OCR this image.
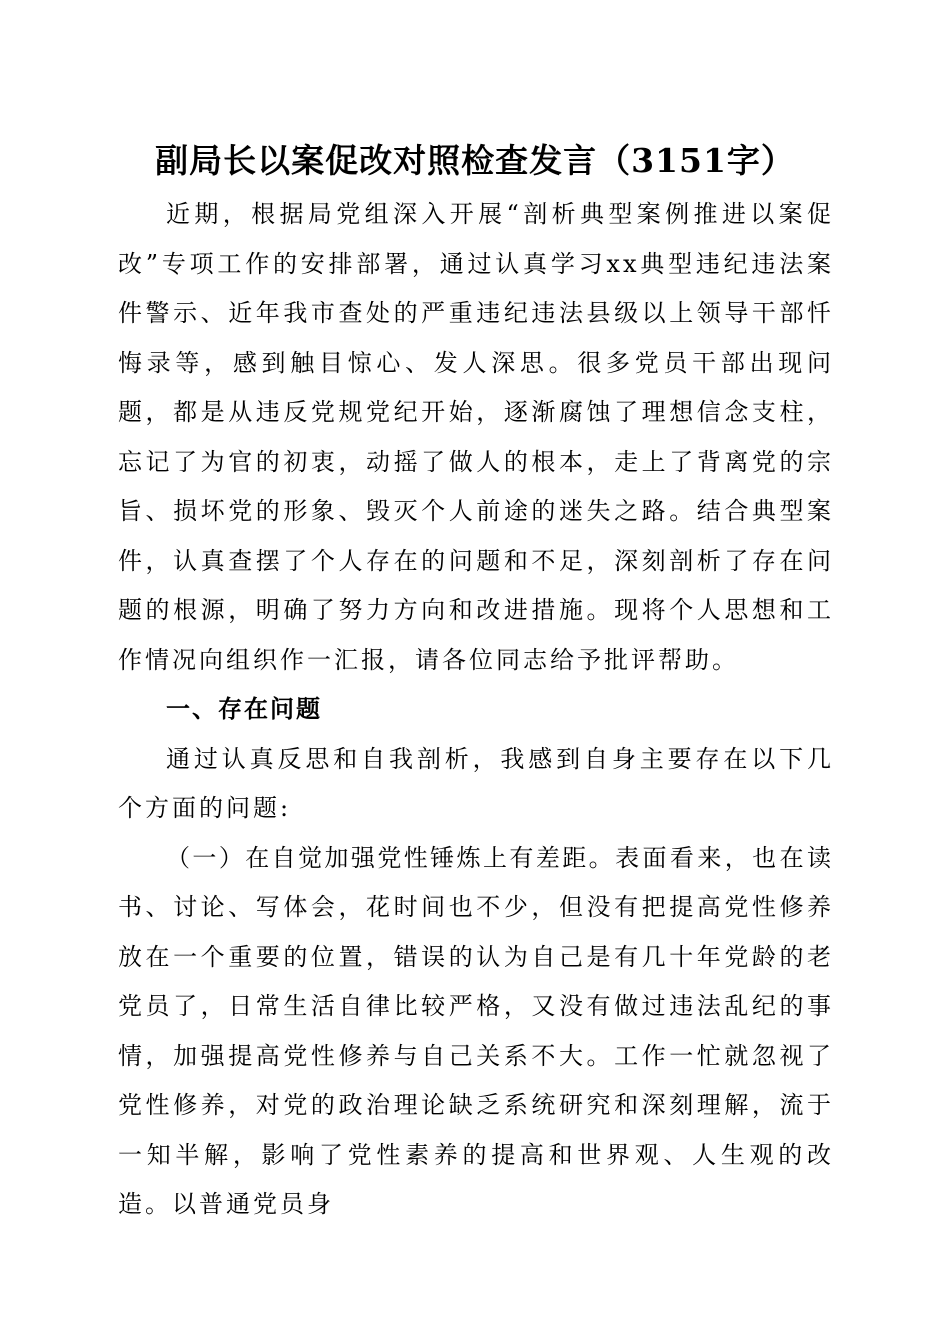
副局长以案促改对照检查发言（3151字）

近期，根据局党组深入开展“剖析典型案例推进以案促改”专项工作的安排部署，通过认真学习xx典型违纪违法案件警示、近年我市查处的严重违纪违法县级以上领导干部忏悔录等，感到触目惊心、发人深思。很多党员干部出现问题，都是从违反党规党纪开始，逐渐腐蚀了理想信念支柱，忘记了为官的初衷，动摇了做人的根本，走上了背离党的宗旨、损坏党的形象、毁灭个人前途的迷失之路。结合典型案件，认真查摆了个人存在的问题和不足，深刻剖析了存在问题的根源，明确了努力方向和改进措施。现将个人思想和工作情况向组织作一汇报，请各位同志给予批评帮助。

一、存在问题

通过认真反思和自我剖析，我感到自身主要存在以下几个方面的问题:

（一）在自觉加强党性锤炼上有差距。表面看来，也在读书、讨论、写体会，花时间也不少，但没有把提高党性修养放在一个重要的位置，错误的认为自己是有几十年党龄的老党员了，日常生活自律比较严格，又没有做过违法乱纪的事情，加强提高党性修养与自己关系不大。工作一忙就忽视了党性修养，对党的政治理论缺乏系统研究和深刻理解，流于一知半解，影响了党性素养的提高和世界观、人生观的改造。以普通党员身
